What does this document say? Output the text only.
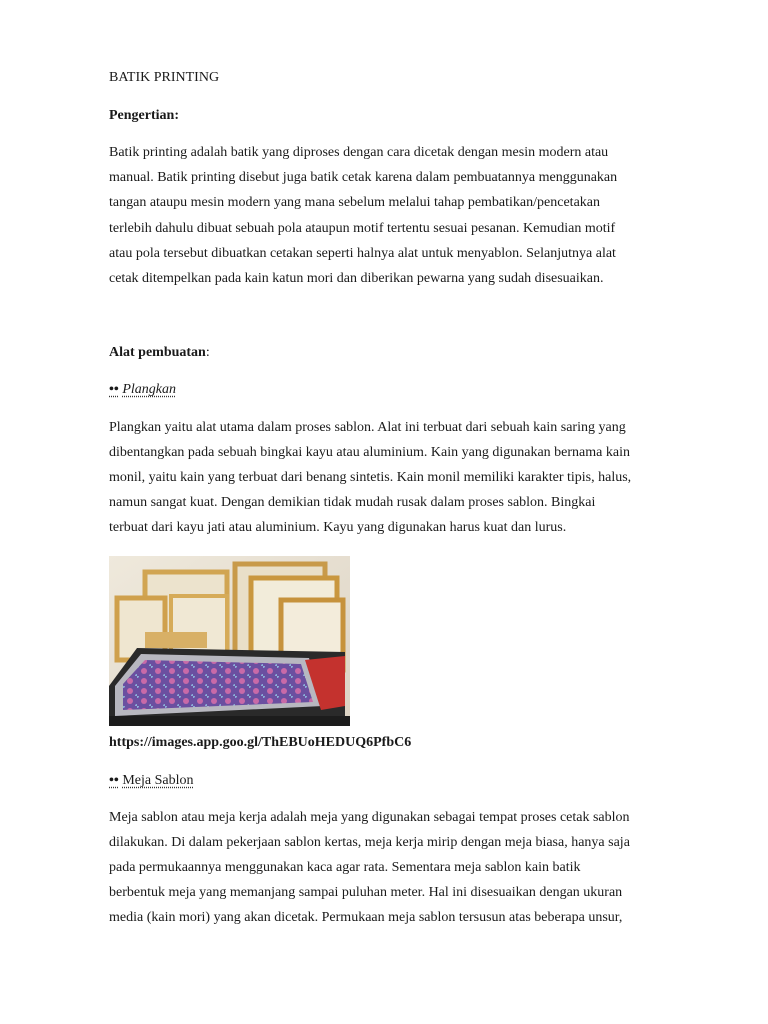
BATIK PRINTING
Pengertian:
Batik printing adalah batik yang diproses dengan cara dicetak dengan mesin modern atau
manual. Batik printing disebut juga batik cetak karena dalam pembuatannya menggunakan
tangan ataupu mesin modern yang mana sebelum melalui tahap pembatikan/pencetakan
terlebih dahulu dibuat sebuah pola ataupun motif tertentu sesuai pesanan. Kemudian motif
atau pola tersebut dibuatkan cetakan seperti halnya alat untuk menyablon. Selanjutnya alat
cetak ditempelkan pada kain katun mori dan diberikan pewarna yang sudah disesuaikan.
Alat pembuatan:
•• Plangkan
Plangkan yaitu alat utama dalam proses sablon. Alat ini terbuat dari sebuah kain saring yang
dibentangkan pada sebuah bingkai kayu atau aluminium. Kain yang digunakan bernama kain
monil, yaitu kain yang terbuat dari benang sintetis. Kain monil memiliki karakter tipis, halus,
namun sangat kuat. Dengan demikian tidak mudah rusak dalam proses sablon. Bingkai
terbuat dari kayu jati atau aluminium. Kayu yang digunakan harus kuat dan lurus.
https://images.app.goo.gl/ThEBUoHEDUQ6PfbC6
•• Meja Sablon
Meja sablon atau meja kerja adalah meja yang digunakan sebagai tempat proses cetak sablon
dilakukan. Di dalam pekerjaan sablon kertas, meja kerja mirip dengan meja biasa, hanya saja
pada permukaannya menggunakan kaca agar rata. Sementara meja sablon kain batik
berbentuk meja yang memanjang sampai puluhan meter. Hal ini disesuaikan dengan ukuran
media (kain mori) yang akan dicetak. Permukaan meja sablon tersusun atas beberapa unsur,
